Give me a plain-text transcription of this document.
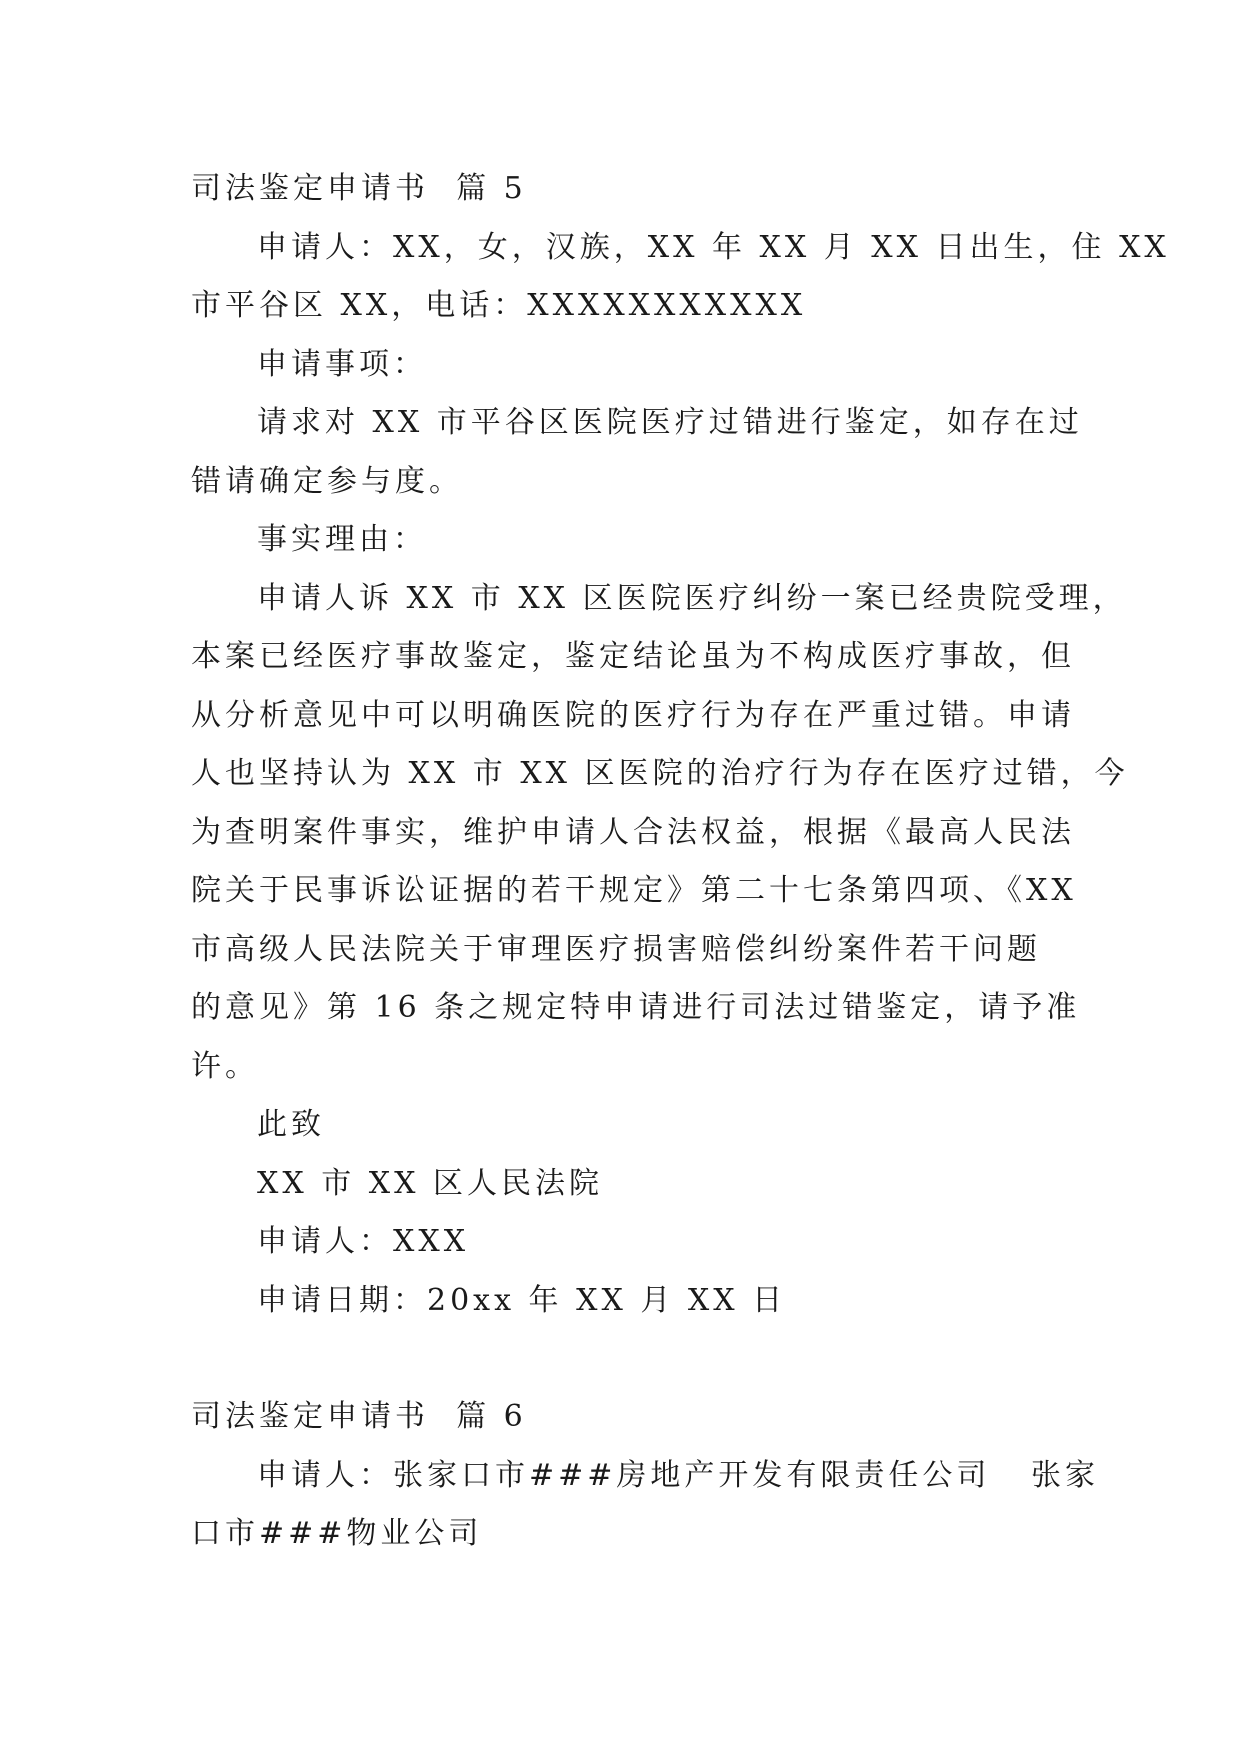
司法鉴定申请书  篇 5
申请人：XX，女，汉族，XX 年 XX 月 XX 日出生，住 XX
市平谷区 XX，电话：XXXXXXXXXXX
申请事项：
请求对 XX 市平谷区医院医疗过错进行鉴定，如存在过
错请确定参与度。
事实理由：
申请人诉 XX 市 XX 区医院医疗纠纷一案已经贵院受理，
本案已经医疗事故鉴定，鉴定结论虽为不构成医疗事故，但
从分析意见中可以明确医院的医疗行为存在严重过错。申请
人也坚持认为 XX 市 XX 区医院的治疗行为存在医疗过错，今
为查明案件事实，维护申请人合法权益，根据《最高人民法
院关于民事诉讼证据的若干规定》第二十七条第四项、《XX
市高级人民法院关于审理医疗损害赔偿纠纷案件若干问题
的意见》第 16 条之规定特申请进行司法过错鉴定，请予准
许。
此致
XX 市 XX 区人民法院
申请人：XXX
申请日期：20xx 年 XX 月 XX 日
司法鉴定申请书  篇 6
申请人：张家口市###房地产开发有限责任公司   张家
口市###物业公司
